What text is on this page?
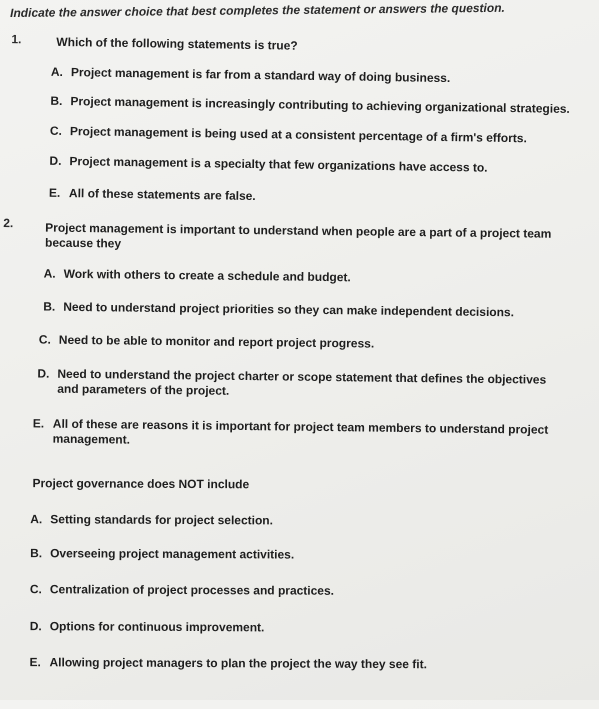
Indicate the answer choice that best completes the statement or answers the question.
1.	Which of the following statements is true?
A. Project management is far from a standard way of doing business.
B. Project management is increasingly contributing to achieving organizational strategies.
C. Project management is being used at a consistent percentage of a firm's efforts.
D. Project management is a specialty that few organizations have access to.
E. All of these statements are false.
2.	Project management is important to understand when people are a part of a project team because they
A. Work with others to create a schedule and budget.
B. Need to understand project priorities so they can make independent decisions.
C. Need to be able to monitor and report project progress.
D. Need to understand the project charter or scope statement that defines the objectives and parameters of the project.
E. All of these are reasons it is important for project team members to understand project management.
Project governance does NOT include
A. Setting standards for project selection.
B. Overseeing project management activities.
C. Centralization of project processes and practices.
D. Options for continuous improvement.
E. Allowing project managers to plan the project the way they see fit.
